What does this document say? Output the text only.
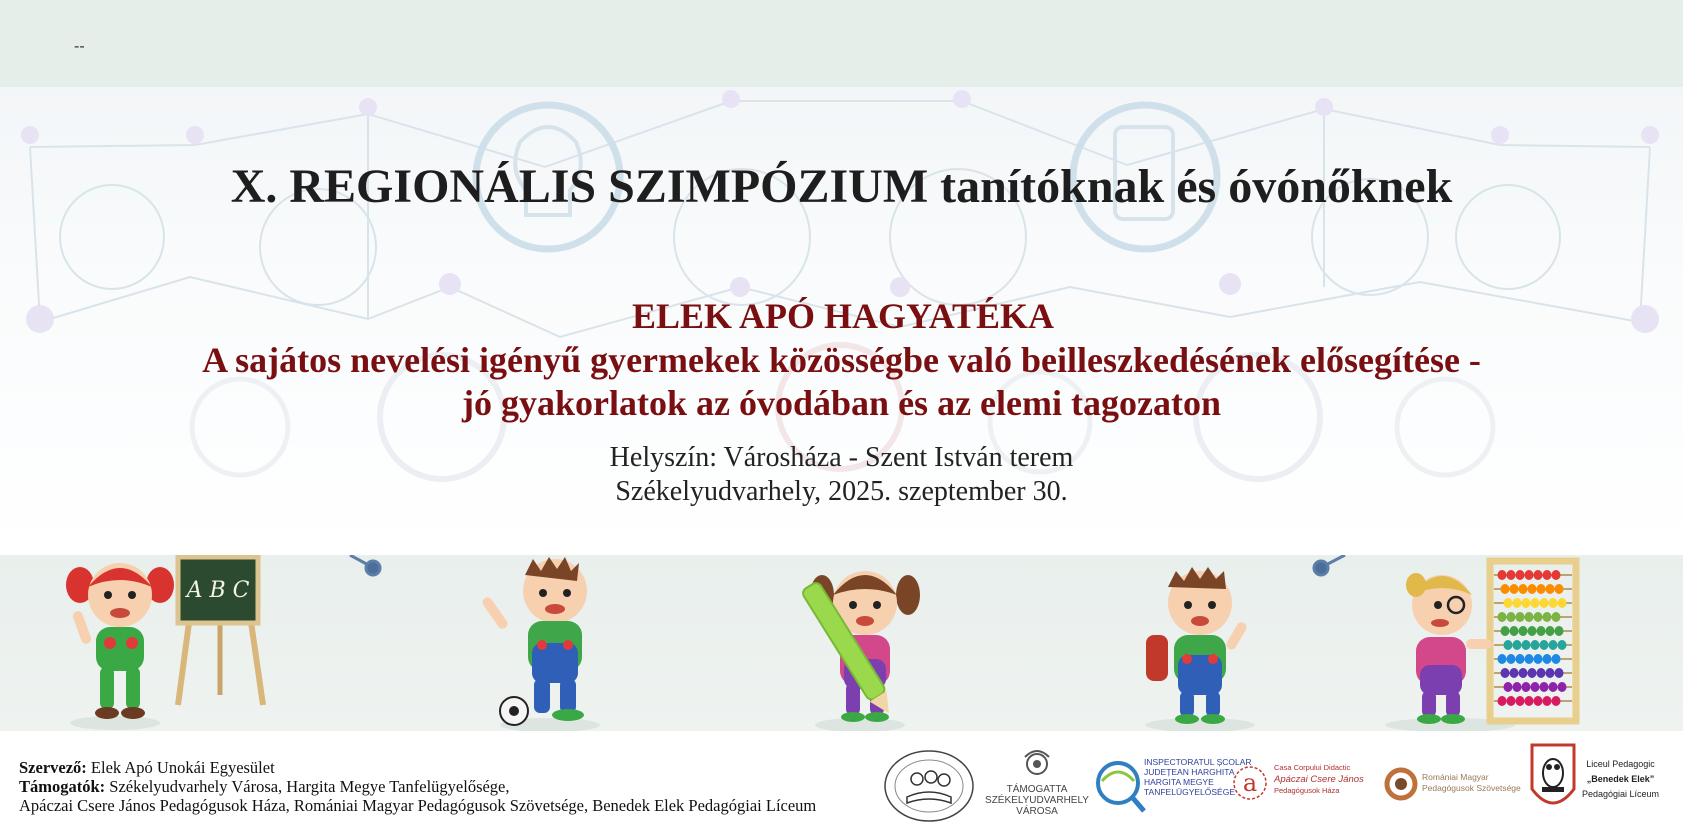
--
X. REGIONÁLIS SZIMPÓZIUM tanítóknak és óvónőknek
ELEK APÓ HAGYATÉKA
A sajátos nevelési igényű gyermekek közösségbe való beilleszkedésének elősegítése -
jó gyakorlatok az óvodában és az elemi tagozaton
Helyszín: Városháza - Szent István terem
Székelyudvarhely, 2025. szeptember 30.
A B C
Szervező: Elek Apó Unokái Egyesület
Támogatók: Székelyudvarhely Városa, Hargita Megye Tanfelügyelősége,
Apáczai Csere János Pedagógusok Háza, Romániai Magyar Pedagógusok Szövetsége, Benedek Elek Pedagógiai Líceum
TÁMOGATTA
SZÉKELYUDVARHELY
VÁROSA
INSPECTORATUL ȘCOLAR
JUDEȚEAN HARGHITA
HARGITA MEGYE
TANFELÜGYELŐSÉGE a
Casa Corpului Didactic
Apáczai Csere János
Pedagógusok Háza
Romániai Magyar
Pedagógusok Szövetsége
Liceul Pedagogic
„Benedek Elek”
Pedagógiai Líceum
